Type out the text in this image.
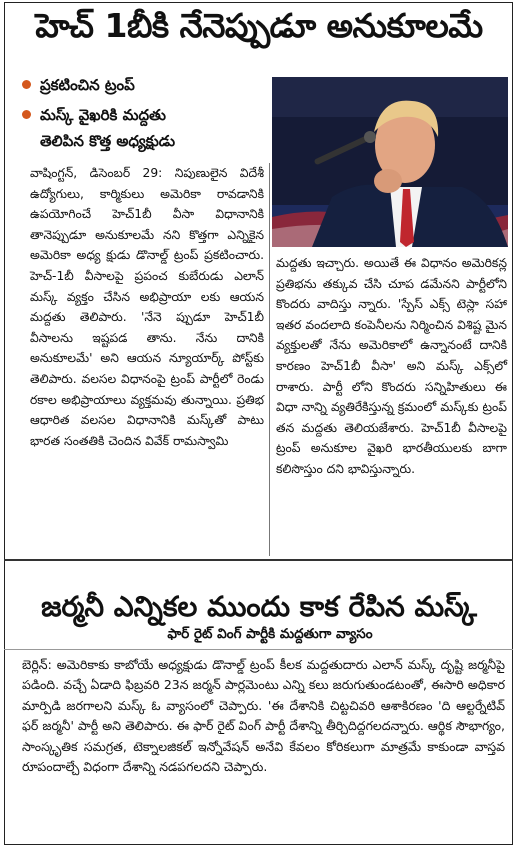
హెచ్‌ 1బీకి నేనెప్పుడూ అనుకూలమే
ప్రకటించిన ట్రంప్‌
మస్క్‌ వైఖరికి మద్దతు
తెలిపిన కొత్త అధ్యక్షుడు
వాషింగ్టన్‌, డిసెంబర్‌ 29: నిపుణులైన విదేశీ ఉద్యోగులు, కార్మికులు అమెరికా రావడానికి ఉపయోగించే హెచ్‌1బీ వీసా విధానానికి తానెప్పుడూ అనుకూలమే నని కొత్తగా ఎన్నికైన అమెరికా అధ్య క్షుడు డొనాల్డ్‌ ట్రంప్‌ ప్రకటించారు. హెచ్‌-1బీ వీసాలపై ప్రపంచ కుబేరుడు ఎలాన్‌ మస్క్‌ వ్యక్తం చేసిన అభిప్రాయా లకు ఆయన మద్దతు తెలిపారు. 'నేనె ప్పుడూ హెచ్‌1బీ వీసాలను ఇష్టపడ తాను. నేను దానికి అనుకూలమే' అని ఆయన న్యూయార్క్‌ పోస్ట్‌కు తెలిపారు. వలసల విధానంపై ట్రంప్‌ పార్టీలో రెండు రకాల అభిప్రాయాలు వ్యక్తమవు తున్నాయి. ప్రతిభ ఆధారిత వలసల విధానానికి మస్క్‌తో పాటు భారత సంతతికి చెందిన వివేక్‌ రామస్వామి
మద్దతు ఇచ్చారు. అయితే ఈ విధానం అమెరికన్ల ప్రతిభను తక్కువ చేసి చూప డమేనని పార్టీలోని కొందరు వాదిస్తు న్నారు. 'స్పేస్‌ ఎక్స్‌ టెస్లా సహా ఇతర వందలాది కంపెనీలను నిర్మించిన విశిష్ట మైన వ్యక్తులతో నేను అమెరికాలో ఉన్నానంటే దానికి కారణం హెచ్‌1బీ వీసా' అని మస్క్‌ ఎక్స్‌లో రాశారు. పార్టీ లోని కొందరు సన్నిహితులు ఈ విధా నాన్ని వ్యతిరేకిస్తున్న క్రమంలో మస్క్‌కు ట్రంప్‌ తన మద్దతు తెలియజేశారు. హెచ్‌1బీ వీసాలపై ట్రంప్‌ అనుకూల వైఖరి భారతీయులకు బాగా కలిసొస్తుం దని భావిస్తున్నారు.
జర్మనీ ఎన్నికల ముందు కాక రేపిన మస్క్‌
ఫార్‌ రైట్‌ వింగ్‌ పార్టీకి మద్దతుగా వ్యాసం
బెర్లిన్‌: అమెరికాకు కాబోయే అధ్యక్షుడు డొనాల్డ్‌ ట్రంప్‌ కీలక మద్దతుదారు ఎలాన్‌ మస్క్‌ దృష్టి జర్మనీపై పడింది. వచ్చే ఏడాది ఫిబ్రవరి 23న జర్మన్‌ పార్లమెంటు ఎన్ని కలు జరుగుతుండటంతో, ఈసారి అధికార మార్పిడి జరగాలని మస్క్‌ ఓ వ్యాసంలో చెప్పారు. 'ఈ దేశానికి చిట్టచివరి ఆశాకిరణం 'ది ఆల్టర్నేటివ్‌ ఫర్‌ జర్మనీ' పార్టీ అని తెలిపారు. ఈ ఫార్‌ రైట్‌ వింగ్‌ పార్టీ దేశాన్ని తీర్చిదిద్దగలదన్నారు. ఆర్థిక సౌభాగ్యం, సాంస్కృతిక సమగ్రత, టెక్నాలజికల్‌ ఇన్నోవేషన్‌ అనేవి కేవలం కోరికలుగా మాత్రమే కాకుండా వాస్తవ రూపందాల్చే విధంగా దేశాన్ని నడపగలదని చెప్పారు.
